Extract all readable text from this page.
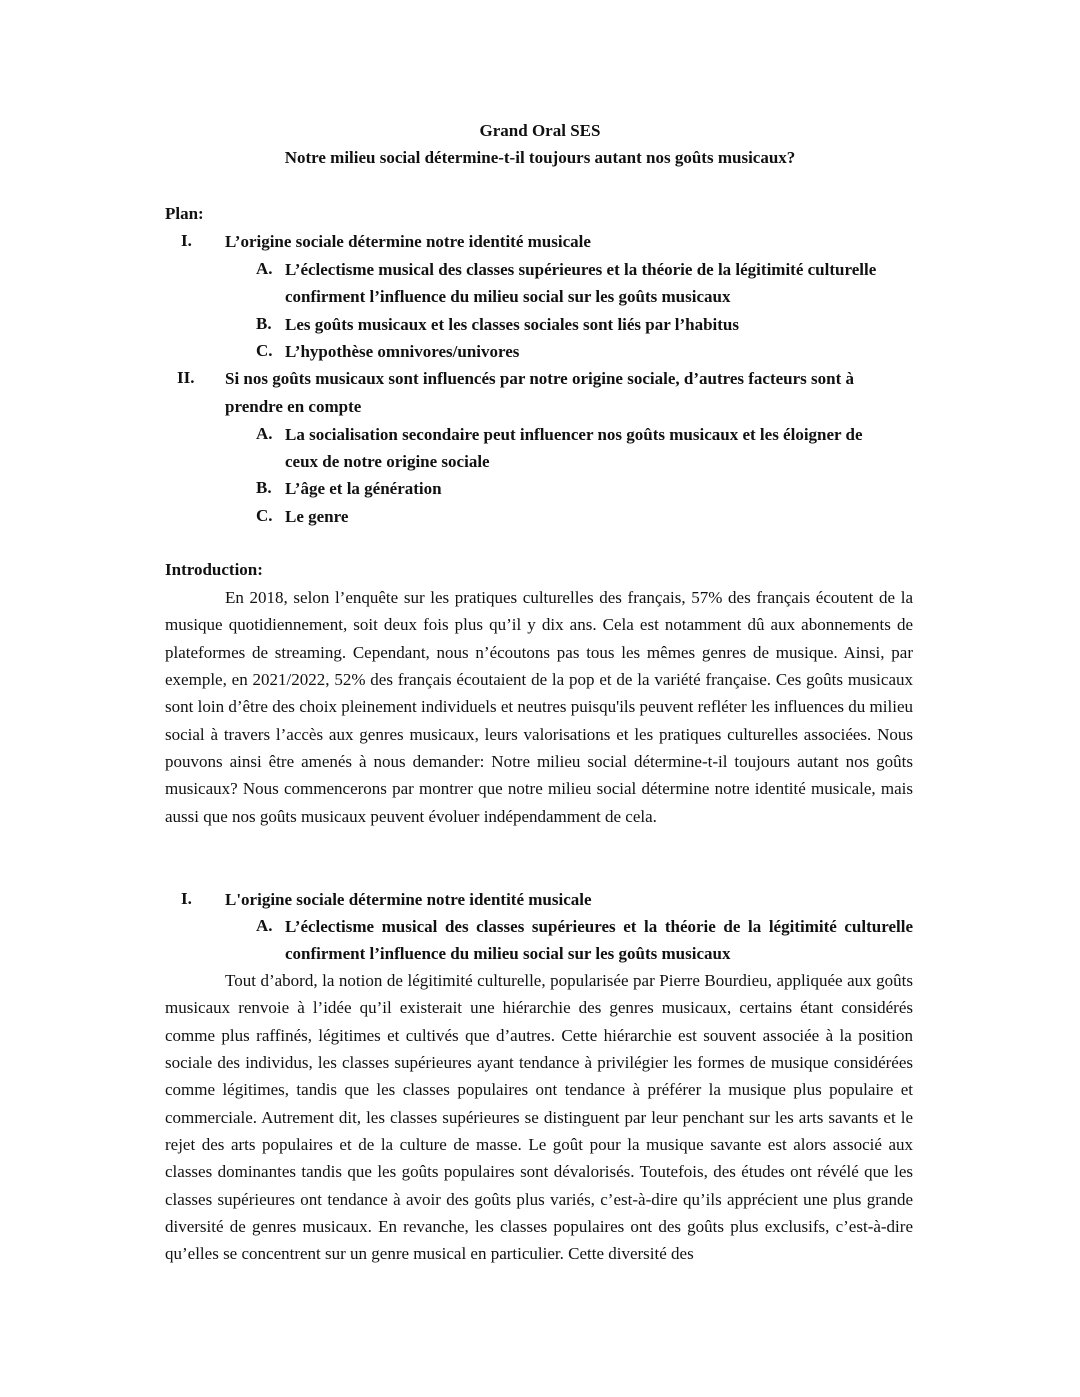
Grand Oral SES
Notre milieu social détermine-t-il toujours autant nos goûts musicaux?
Plan:
I. L’origine sociale détermine notre identité musicale
A. L’éclectisme musical des classes supérieures et la théorie de la légitimité culturelle
confirment l’influence du milieu social sur les goûts musicaux
B. Les goûts musicaux et les classes sociales sont liés par l’habitus
C. L’hypothèse omnivores/univores
II. Si nos goûts musicaux sont influencés par notre origine sociale, d’autres facteurs sont à
prendre en compte
A. La socialisation secondaire peut influencer nos goûts musicaux et les éloigner de
ceux de notre origine sociale
B. L’âge et la génération
C. Le genre
Introduction:
En 2018, selon l’enquête sur les pratiques culturelles des français, 57% des français écoutent de la musique quotidiennement, soit deux fois plus qu’il y dix ans. Cela est notamment dû aux abonnements de plateformes de streaming. Cependant, nous n’écoutons pas tous les mêmes genres de musique. Ainsi, par exemple, en 2021/2022, 52% des français écoutaient de la pop et de la variété française. Ces goûts musicaux sont loin d’être des choix pleinement individuels et neutres puisqu'ils peuvent refléter les influences du milieu social à travers l’accès aux genres musicaux, leurs valorisations et les pratiques culturelles associées. Nous pouvons ainsi être amenés à nous demander: Notre milieu social détermine-t-il toujours autant nos goûts musicaux? Nous commencerons par montrer que notre milieu social détermine notre identité musicale, mais aussi que nos goûts musicaux peuvent évoluer indépendamment de cela.
I. L'origine sociale détermine notre identité musicale
A. L’éclectisme musical des classes supérieures et la théorie de la légitimité culturelle
confirment l’influence du milieu social sur les goûts musicaux
Tout d’abord, la notion de légitimité culturelle, popularisée par Pierre Bourdieu, appliquée aux goûts musicaux renvoie à l’idée qu’il existerait une hiérarchie des genres musicaux, certains étant considérés comme plus raffinés, légitimes et cultivés que d’autres. Cette hiérarchie est souvent associée à la position sociale des individus, les classes supérieures ayant tendance à privilégier les formes de musique considérées comme légitimes, tandis que les classes populaires ont tendance à préférer la musique plus populaire et commerciale. Autrement dit, les classes supérieures se distinguent par leur penchant sur les arts savants et le rejet des arts populaires et de la culture de masse. Le goût pour la musique savante est alors associé aux classes dominantes tandis que les goûts populaires sont dévalorisés. Toutefois, des études ont révélé que les classes supérieures ont tendance à avoir des goûts plus variés, c’est-à-dire qu’ils apprécient une plus grande diversité de genres musicaux. En revanche, les classes populaires ont des goûts plus exclusifs, c’est-à-dire qu’elles se concentrent sur un genre musical en particulier. Cette diversité des
